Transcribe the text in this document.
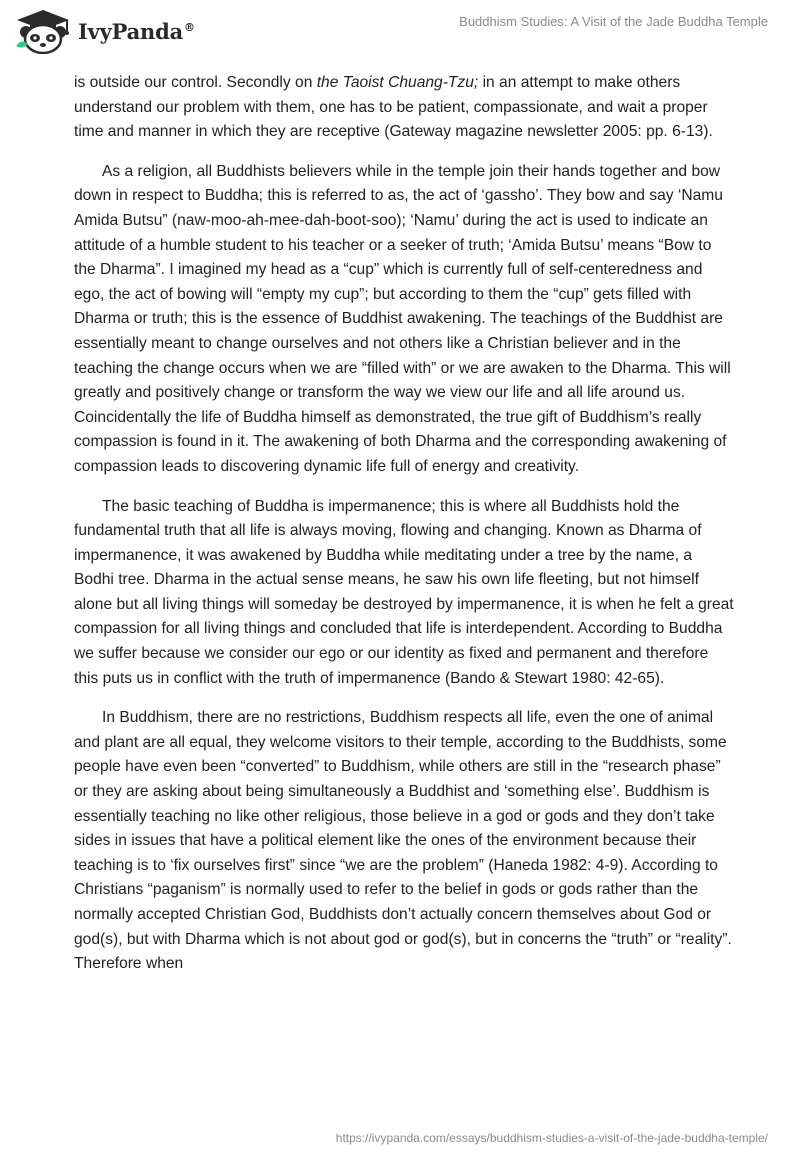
IvyPanda®	Buddhism Studies: A Visit of the Jade Buddha Temple

is outside our control. Secondly on the Taoist Chuang-Tzu; in an attempt to make others understand our problem with them, one has to be patient, compassionate, and wait a proper time and manner in which they are receptive (Gateway magazine newsletter 2005: pp. 6-13).

As a religion, all Buddhists believers while in the temple join their hands together and bow down in respect to Buddha; this is referred to as, the act of ‘gassho’. They bow and say ‘Namu Amida Butsu” (naw-moo-ah-mee-dah-boot-soo); ‘Namu’ during the act is used to indicate an attitude of a humble student to his teacher or a seeker of truth; ‘Amida Butsu’ means “Bow to the Dharma”. I imagined my head as a “cup” which is currently full of self-centeredness and ego, the act of bowing will “empty my cup”; but according to them the “cup” gets filled with Dharma or truth; this is the essence of Buddhist awakening. The teachings of the Buddhist are essentially meant to change ourselves and not others like a Christian believer and in the teaching the change occurs when we are “filled with” or we are awaken to the Dharma. This will greatly and positively change or transform the way we view our life and all life around us. Coincidentally the life of Buddha himself as demonstrated, the true gift of Buddhism’s really compassion is found in it. The awakening of both Dharma and the corresponding awakening of compassion leads to discovering dynamic life full of energy and creativity.

The basic teaching of Buddha is impermanence; this is where all Buddhists hold the fundamental truth that all life is always moving, flowing and changing. Known as Dharma of impermanence, it was awakened by Buddha while meditating under a tree by the name, a Bodhi tree. Dharma in the actual sense means, he saw his own life fleeting, but not himself alone but all living things will someday be destroyed by impermanence, it is when he felt a great compassion for all living things and concluded that life is interdependent. According to Buddha we suffer because we consider our ego or our identity as fixed and permanent and therefore this puts us in conflict with the truth of impermanence (Bando & Stewart 1980: 42-65).

In Buddhism, there are no restrictions, Buddhism respects all life, even the one of animal and plant are all equal, they welcome visitors to their temple, according to the Buddhists, some people have even been “converted” to Buddhism, while others are still in the “research phase” or they are asking about being simultaneously a Buddhist and ‘something else’. Buddhism is essentially teaching no like other religious, those believe in a god or gods and they don’t take sides in issues that have a political element like the ones of the environment because their teaching is to ‘fix ourselves first” since “we are the problem” (Haneda 1982: 4-9). According to Christians “paganism” is normally used to refer to the belief in gods or gods rather than the normally accepted Christian God, Buddhists don’t actually concern themselves about God or god(s), but with Dharma which is not about god or god(s), but in concerns the “truth” or “reality”. Therefore when

https://ivypanda.com/essays/buddhism-studies-a-visit-of-the-jade-buddha-temple/
